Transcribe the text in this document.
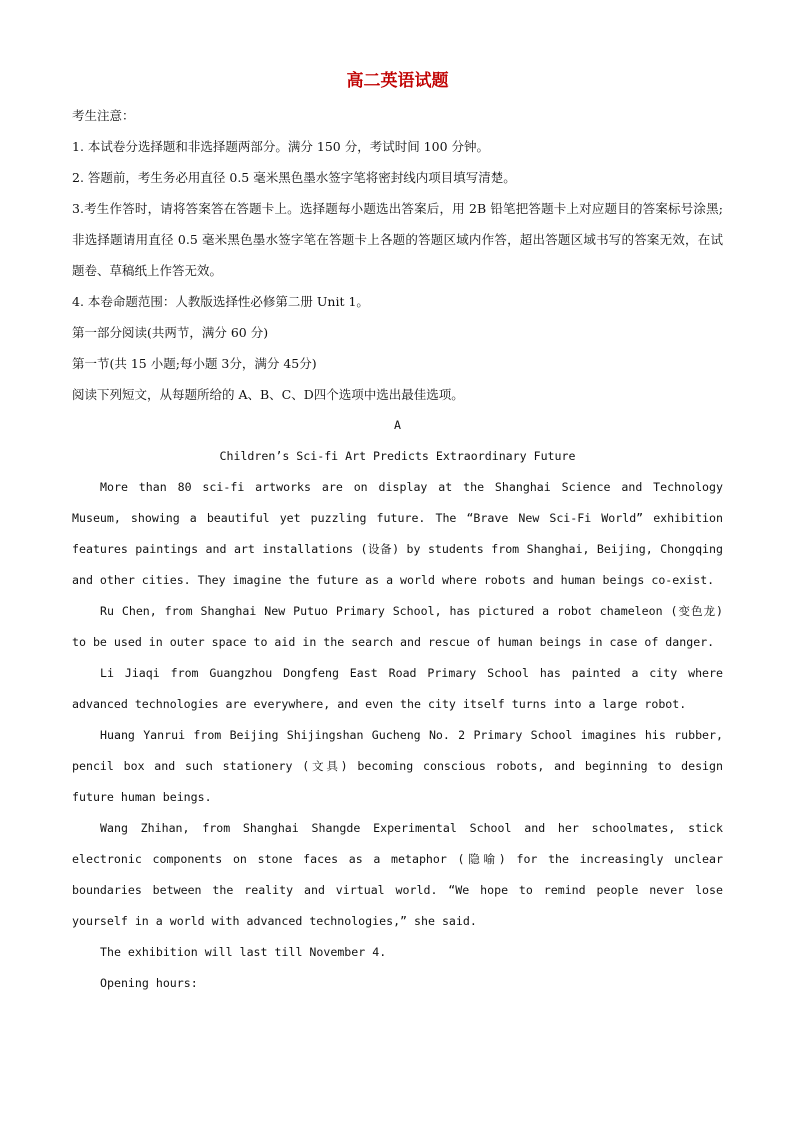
高二英语试题
考生注意：
1. 本试卷分选择题和非选择题两部分。满分 150 分，考试时间 100 分钟。
2. 答题前，考生务必用直径 0.5 毫米黑色墨水签字笔将密封线内项目填写清楚。
3.考生作答时，请将答案答在答题卡上。选择题每小题选出答案后，用 2B 铅笔把答题卡上对应题目的答案标号涂黑;非选择题请用直径 0.5 毫米黑色墨水签字笔在答题卡上各题的答题区域内作答，超出答题区域书写的答案无效，在试题卷、草稿纸上作答无效。
4. 本卷命题范围：人教版选择性必修第二册 Unit 1。
第一部分阅读(共两节，满分 60 分)
第一节(共 15 小题;每小题 3分，满分 45分)
阅读下列短文，从每题所给的 A、B、C、D四个选项中选出最佳选项。
A
Children’s Sci-fi Art Predicts Extraordinary Future
More than 80 sci-fi artworks are on display at the Shanghai Science and Technology Museum, showing a beautiful yet puzzling future. The “Brave New Sci-Fi World” exhibition features paintings and art installations (设备) by students from Shanghai, Beijing, Chongqing and other cities. They imagine the future as a world where robots and human beings co-exist.
Ru Chen, from Shanghai New Putuo Primary School, has pictured a robot chameleon (变色龙) to be used in outer space to aid in the search and rescue of human beings in case of danger.
Li Jiaqi from Guangzhou Dongfeng East Road Primary School has painted a city where advanced technologies are everywhere, and even the city itself turns into a large robot.
Huang Yanrui from Beijing Shijingshan Gucheng No. 2 Primary School imagines his rubber, pencil box and such stationery (文具) becoming conscious robots, and beginning to design future human beings.
Wang Zhihan, from Shanghai Shangde Experimental School and her schoolmates, stick electronic components on stone faces as a metaphor (隐喻) for the increasingly unclear boundaries between the reality and virtual world. “We hope to remind people never lose yourself in a world with advanced technologies,” she said.
The exhibition will last till November 4.
Opening hours:
